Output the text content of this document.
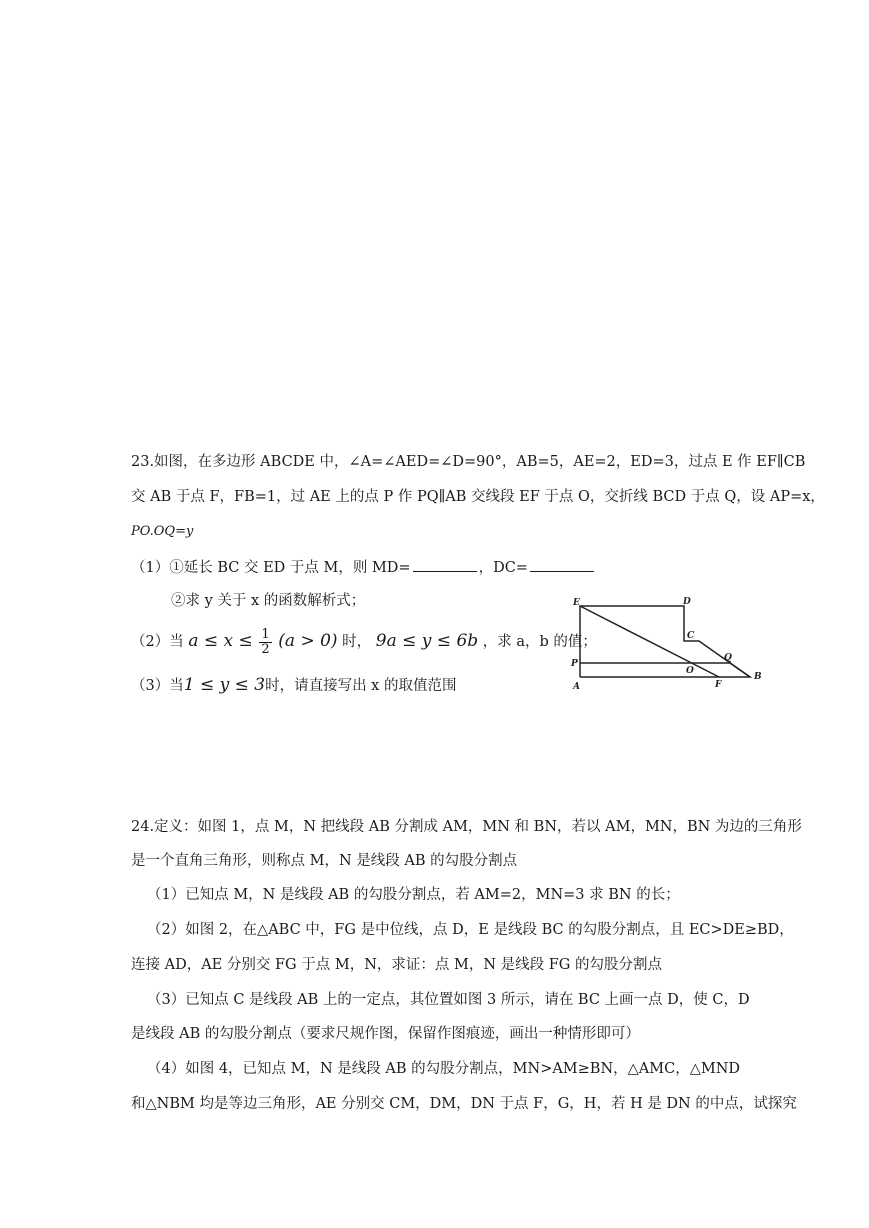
23.如图，在多边形 ABCDE 中，∠A=∠AED=∠D=90°，AB=5，AE=2，ED=3，过点 E 作 EF∥CB
交 AB 于点 F，FB=1，过 AE 上的点 P 作 PQ∥AB 交线段 EF 于点 O，交折线 BCD 于点 Q，设 AP=x，
PO.OQ=y
（1）①延长 BC 交 ED 于点 M，则 MD=	，DC=
②求 y 关于 x 的函数解析式；
（2）当 $a \le x \le \frac{1}{2} (a > 0)$ 时， 9a ≤ y ≤ 6b ，求 a，b 的值；
（3）当1 ≤ y ≤ 3时，请直接写出 x 的取值范围
E	D
C
Q
P
O
A	F
B
24.定义：如图 1，点 M，N 把线段 AB 分割成 AM，MN 和 BN，若以 AM，MN，BN 为边的三角形
是一个直角三角形，则称点 M，N 是线段 AB 的勾股分割点
（1）已知点 M，N 是线段 AB 的勾股分割点，若 AM=2，MN=3 求 BN 的长；
（2）如图 2，在△ABC 中，FG 是中位线，点 D，E 是线段 BC 的勾股分割点，且 EC>DE≥BD，
连接 AD，AE 分别交 FG 于点 M，N，求证：点 M，N 是线段 FG 的勾股分割点
（3）已知点 C 是线段 AB 上的一定点，其位置如图 3 所示，请在 BC 上画一点 D，使 C，D
是线段 AB 的勾股分割点（要求尺规作图，保留作图痕迹，画出一种情形即可）
（4）如图 4，已知点 M，N 是线段 AB 的勾股分割点，MN>AM≥BN，△AMC，△MND
和△NBM 均是等边三角形，AE 分别交 CM，DM，DN 于点 F，G，H，若 H 是 DN 的中点，试探究
